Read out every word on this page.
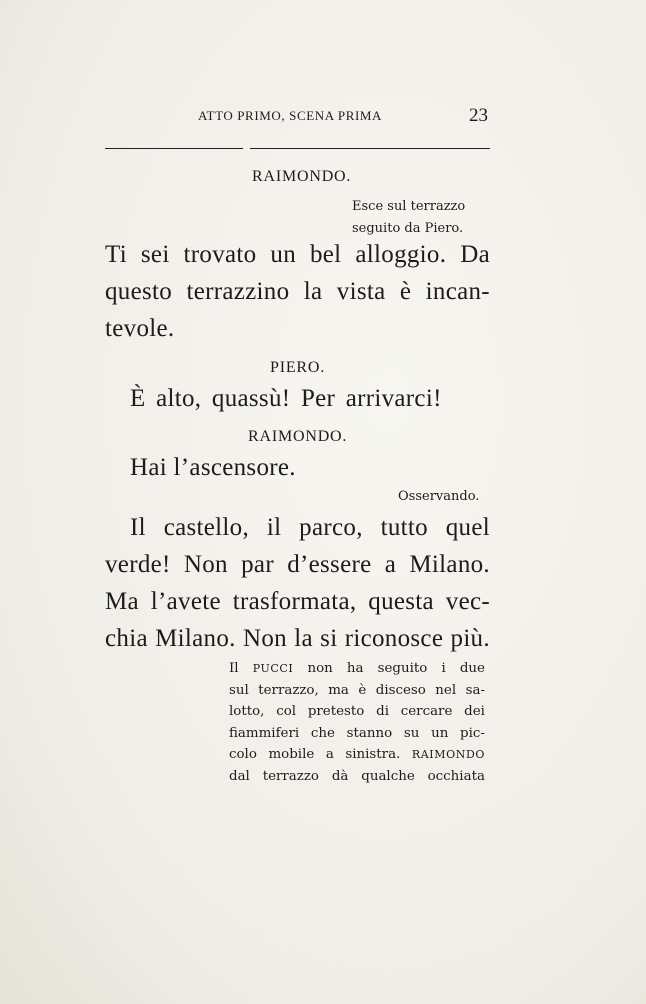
ATTO PRIMO, SCENA PRIMA	23
RAIMONDO.
Esce sul terrazzo
seguito da Piero.
Ti sei trovato un bel alloggio. Da
questo terrazzino la vista è incan-
tevole.
PIERO.
È alto, quassù! Per arrivarci!
RAIMONDO.
Hai l’ascensore.
Osservando.
Il castello, il parco, tutto quel
verde! Non par d’essere a Milano.
Ma l’avete trasformata, questa vec-
chia Milano. Non la si riconosce più.
Il PUCCI non ha seguito i due
sul terrazzo, ma è disceso nel sa-
lotto, col pretesto di cercare dei
fiammiferi che stanno su un pic-
colo mobile a sinistra. RAIMONDO
dal terrazzo dà qualche occhiata
